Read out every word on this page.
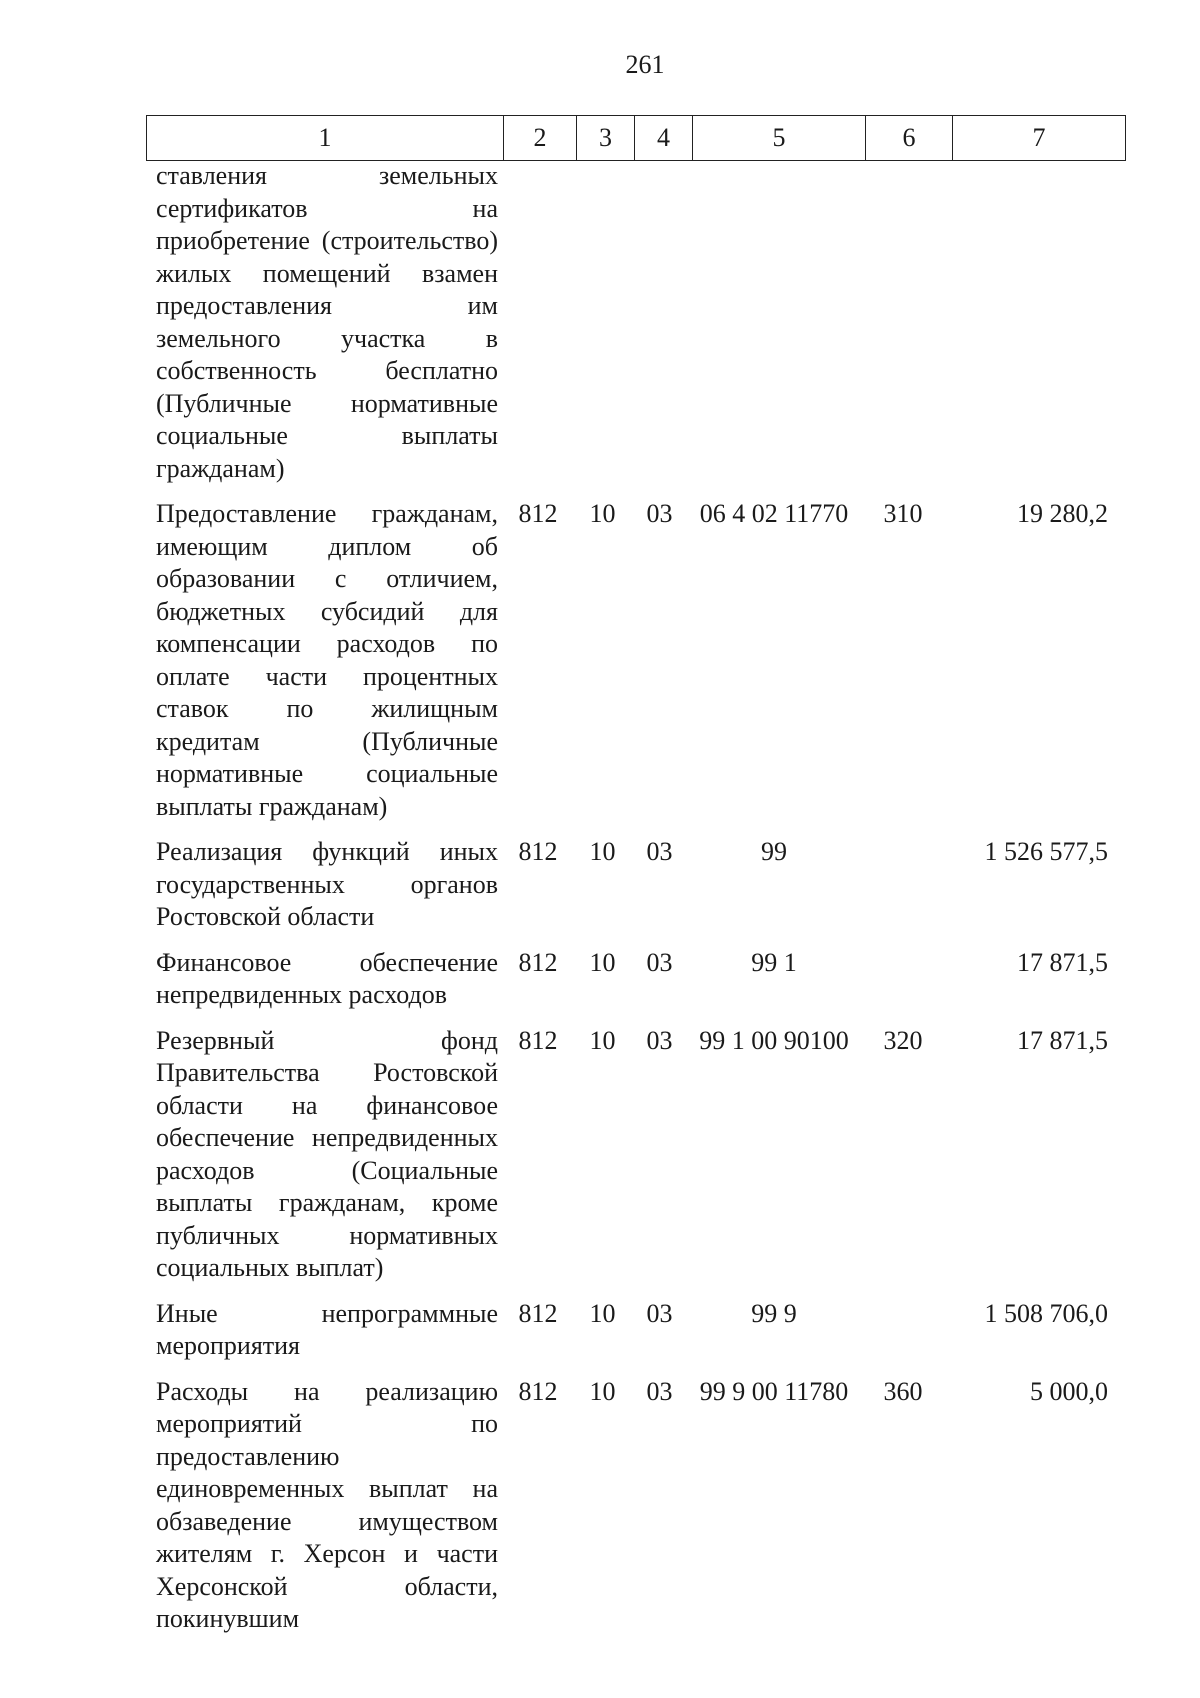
261
1	2	3	4	5	6	7
ставления земельных сертификатов на приобретение (строительство) жилых помещений взамен предоставления им земельного участка в собственность бесплатно (Публичные нормативные социальные выплаты гражданам)						
Предоставление гражданам, имеющим диплом об образовании с отличием, бюджетных субсидий для компенсации расходов по оплате части процентных ставок по жилищным кредитам (Публичные нормативные социальные выплаты гражданам)	812	10	03	06 4 02 11770	310	19 280,2
Реализация функций иных государственных органов Ростовской области	812	10	03	99		1 526 577,5
Финансовое обеспечение непредвиденных расходов	812	10	03	99 1		17 871,5
Резервный фонд Правительства Ростовской области на финансовое обеспечение непредвиденных расходов (Социальные выплаты гражданам, кроме публичных нормативных социальных выплат)	812	10	03	99 1 00 90100	320	17 871,5
Иные непрограммные мероприятия	812	10	03	99 9		1 508 706,0
Расходы на реализацию мероприятий по предоставлению единовременных выплат на обзаведение имуществом жителям г. Херсон и части Херсонской области, покинувшим	812	10	03	99 9 00 11780	360	5 000,0
